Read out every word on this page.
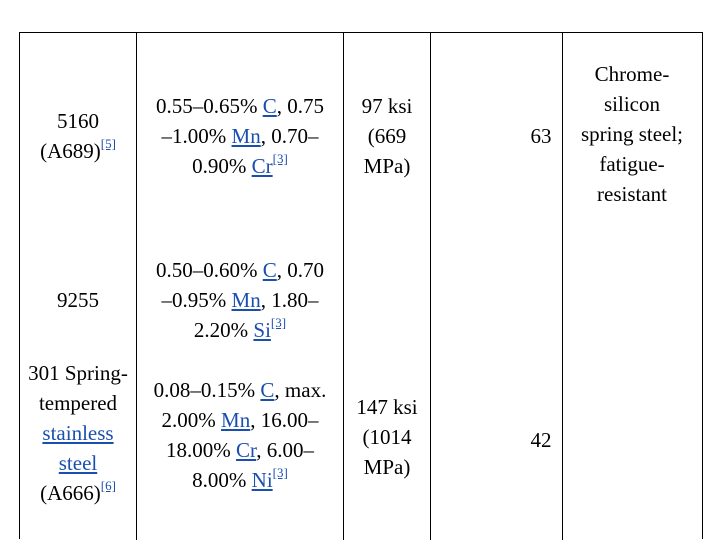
5160
(A689)[5]
0.55–0.65% C, 0.75
–1.00% Mn, 0.70–
0.90% Cr[3]
97 ksi
(669
MPa)
63
Chrome-
silicon
spring steel;
fatigue-
resistant
9255
0.50–0.60% C, 0.70
–0.95% Mn, 1.80–
2.20% Si[3]
301 Spring-
tempered
stainless
steel
(A666)[6]
0.08–0.15% C, max.
2.00% Mn, 16.00–
18.00% Cr, 6.00–
8.00% Ni[3]
147 ksi
(1014
MPa)
42
